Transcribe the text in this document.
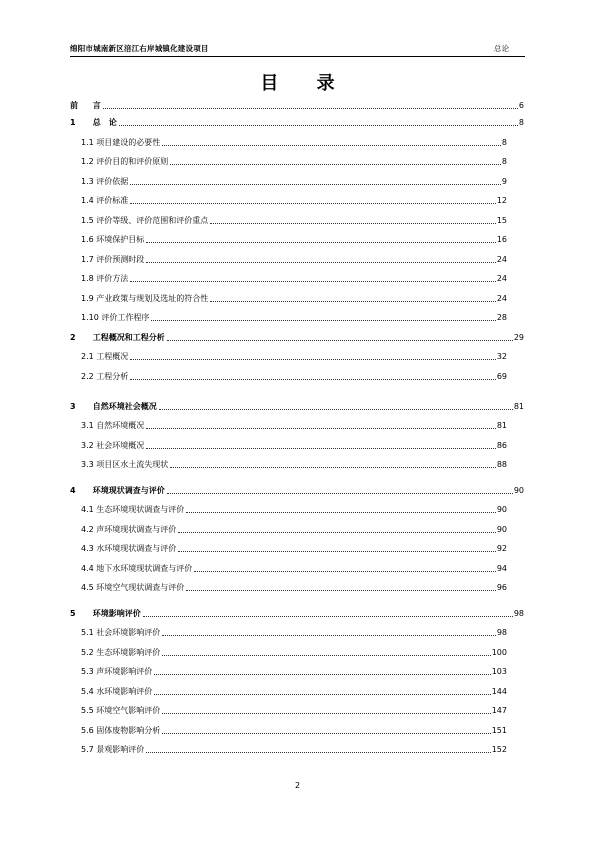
绵阳市城南新区涪江右岸城镇化建设项目	总论
目 录
前 言	6
1 总　论	8
1.1 项目建设的必要性	8
1.2 评价目的和评价原则	8
1.3 评价依据	9
1.4 评价标准	12
1.5 评价等级、评价范围和评价重点	15
1.6 环境保护目标	16
1.7 评价预测时段	24
1.8 评价方法	24
1.9 产业政策与规划及选址的符合性	24
1.10 评价工作程序	28
2 工程概况和工程分析	29
2.1 工程概况	32
2.2 工程分析	69
3 自然环境社会概况	81
3.1 自然环境概况	81
3.2 社会环境概况	86
3.3 项目区水土流失现状	88
4 环境现状调查与评价	90
4.1 生态环境现状调查与评价	90
4.2 声环境现状调查与评价	90
4.3 水环境现状调查与评价	92
4.4 地下水环境现状调查与评价	94
4.5 环境空气现状调查与评价	96
5 环境影响评价	98
5.1 社会环境影响评价	98
5.2 生态环境影响评价	100
5.3 声环境影响评价	103
5.4 水环境影响评价	144
5.5 环境空气影响评价	147
5.6 固体废物影响分析	151
5.7 景观影响评价	152
2
